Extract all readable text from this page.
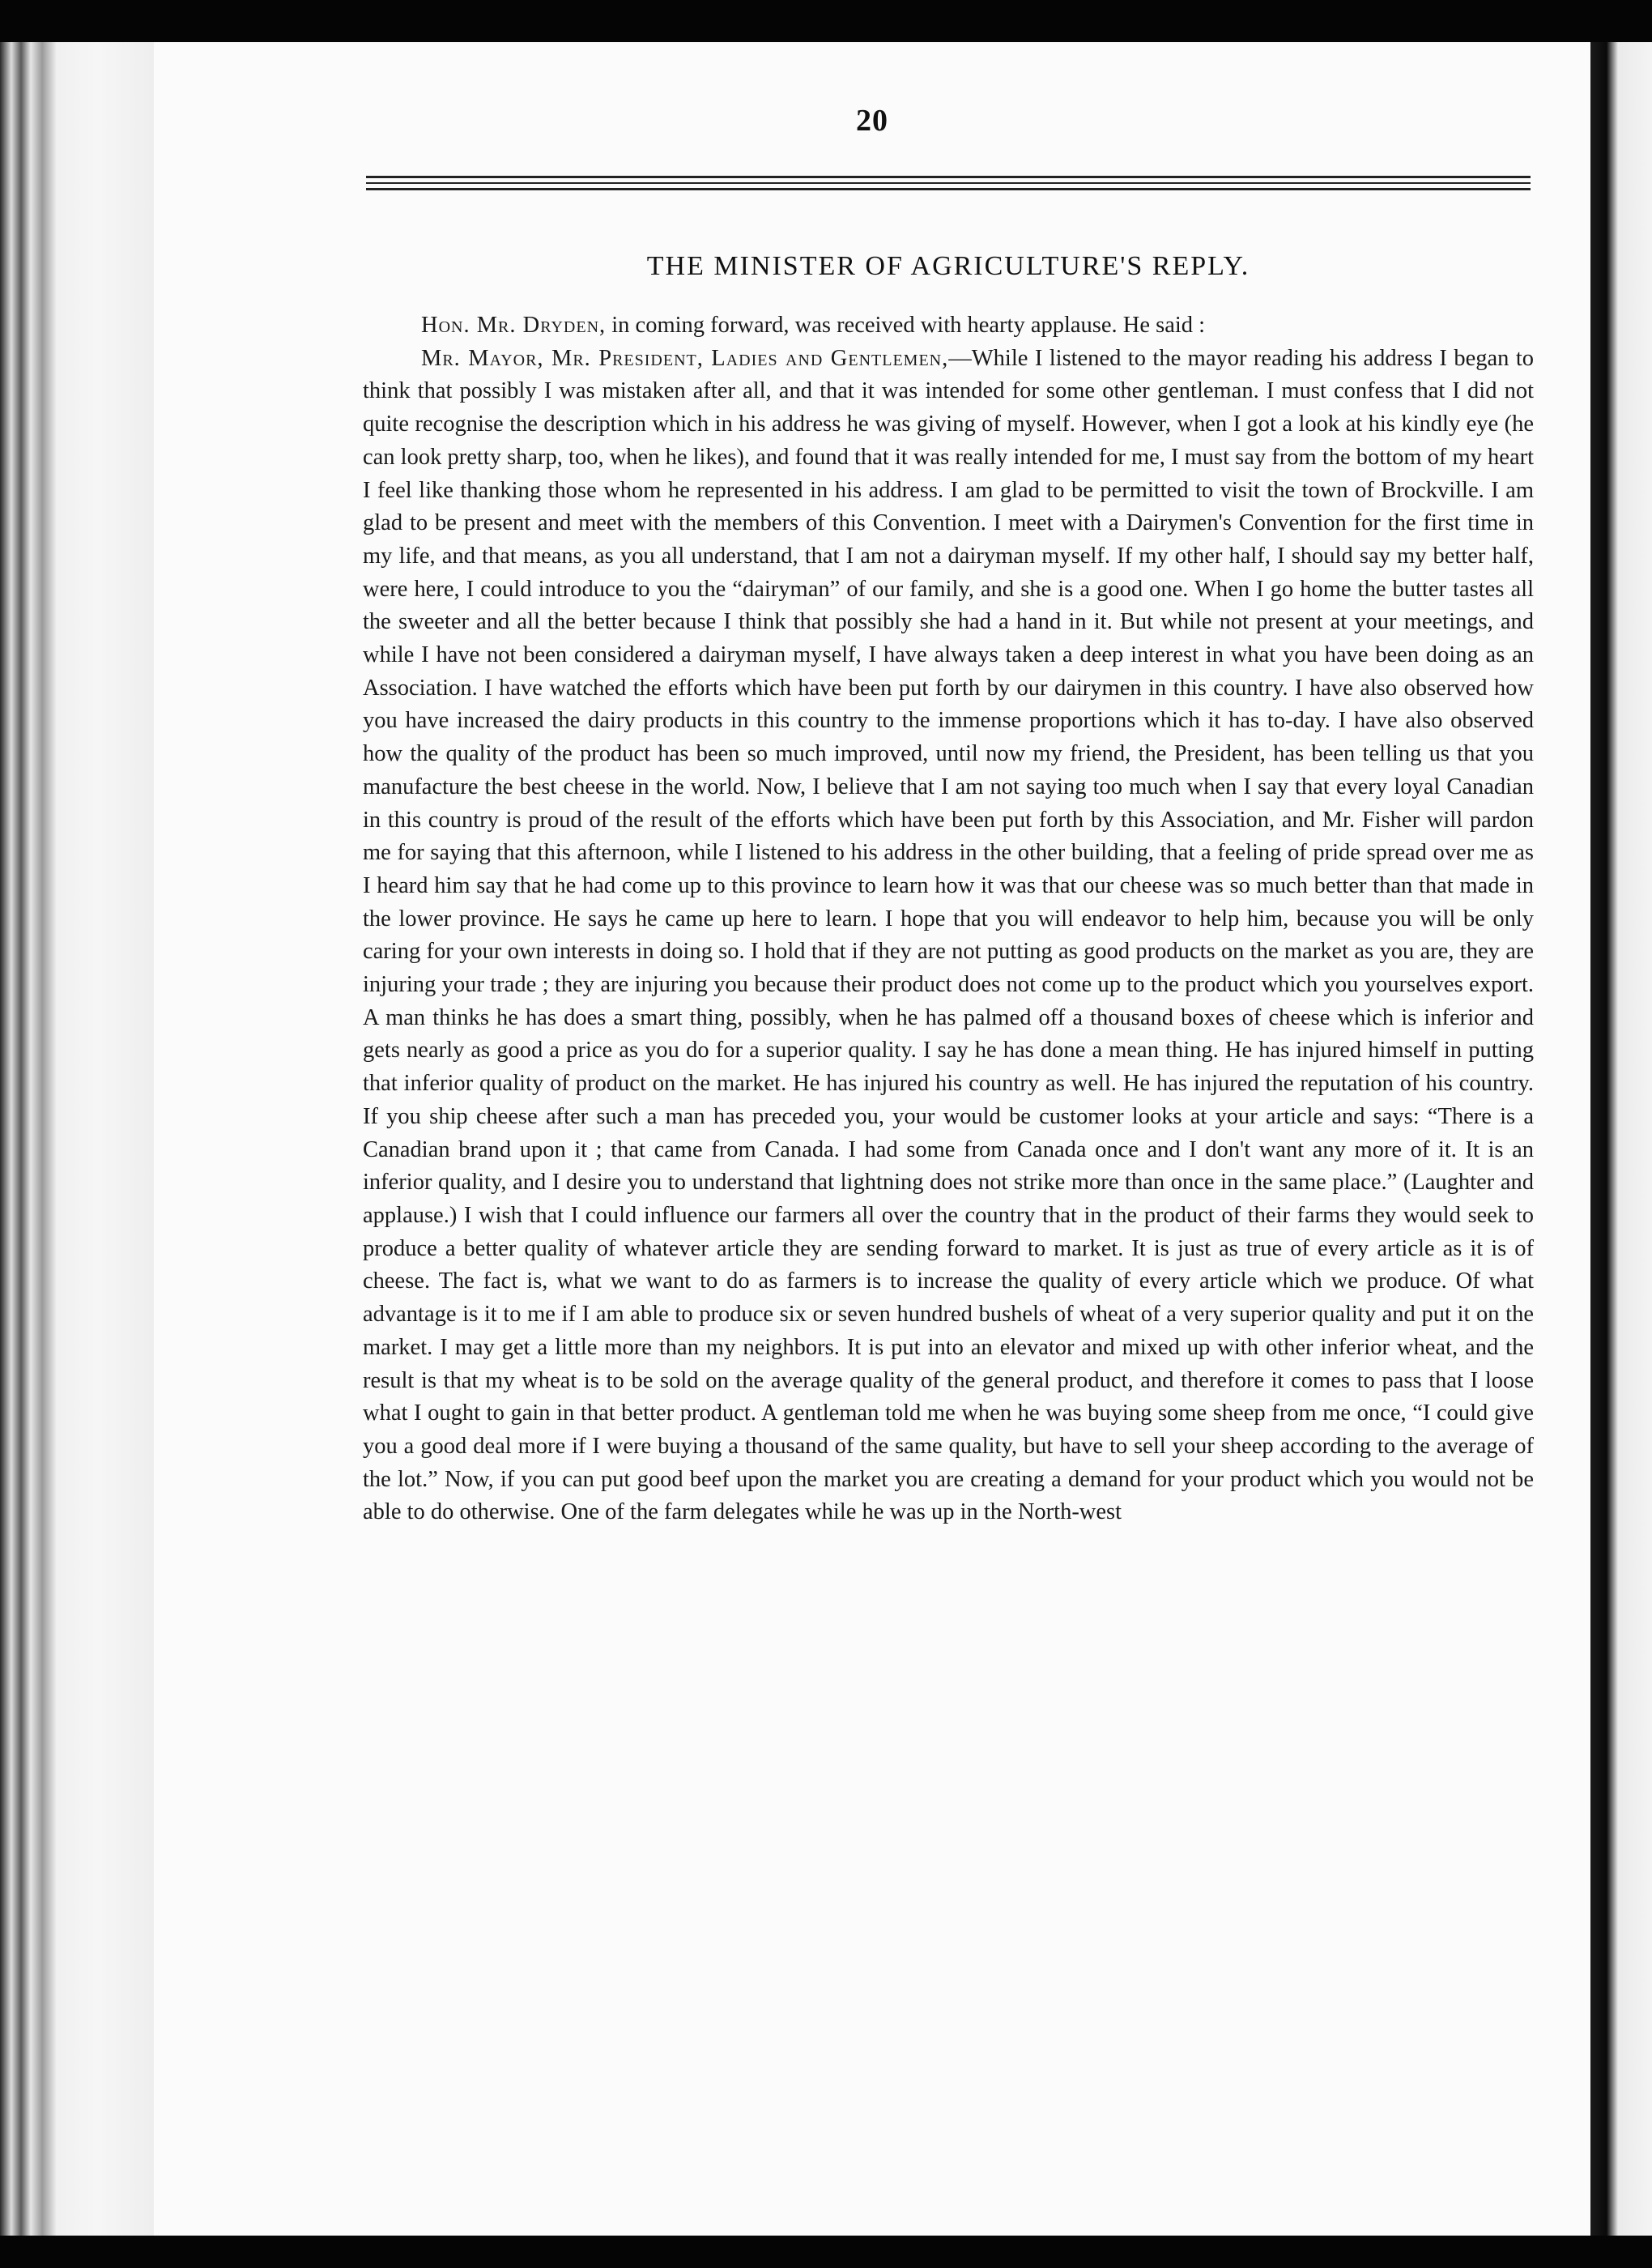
20
THE MINISTER OF AGRICULTURE'S REPLY.

Hon. Mr. Dryden, in coming forward, was received with hearty applause. He said :

Mr. Mayor, Mr. President, Ladies and Gentlemen,—While I listened to the mayor reading his address I began to think that possibly I was mistaken after all, and that it was intended for some other gentleman. I must confess that I did not quite recognise the description which in his address he was giving of myself. However, when I got a look at his kindly eye (he can look pretty sharp, too, when he likes), and found that it was really intended for me, I must say from the bottom of my heart I feel like thanking those whom he represented in his address. I am glad to be permitted to visit the town of Brockville. I am glad to be present and meet with the members of this Convention. I meet with a Dairymen's Convention for the first time in my life, and that means, as you all understand, that I am not a dairyman myself. If my other half, I should say my better half, were here, I could introduce to you the “dairyman” of our family, and she is a good one. When I go home the butter tastes all the sweeter and all the better because I think that possibly she had a hand in it. But while not present at your meetings, and while I have not been considered a dairyman myself, I have always taken a deep interest in what you have been doing as an Association. I have watched the efforts which have been put forth by our dairymen in this country. I have also observed how you have increased the dairy products in this country to the immense proportions which it has to-day. I have also observed how the quality of the product has been so much improved, until now my friend, the President, has been telling us that you manufacture the best cheese in the world. Now, I believe that I am not saying too much when I say that every loyal Canadian in this country is proud of the result of the efforts which have been put forth by this Association, and Mr. Fisher will pardon me for saying that this afternoon, while I listened to his address in the other building, that a feeling of pride spread over me as I heard him say that he had come up to this province to learn how it was that our cheese was so much better than that made in the lower province. He says he came up here to learn. I hope that you will endeavor to help him, because you will be only caring for your own interests in doing so. I hold that if they are not putting as good products on the market as you are, they are injuring your trade ; they are injuring you because their product does not come up to the product which you yourselves export. A man thinks he has does a smart thing, possibly, when he has palmed off a thousand boxes of cheese which is inferior and gets nearly as good a price as you do for a superior quality. I say he has done a mean thing. He has injured himself in putting that inferior quality of product on the market. He has injured his country as well. He has injured the reputation of his country. If you ship cheese after such a man has preceded you, your would be customer looks at your article and says: “There is a Canadian brand upon it ; that came from Canada. I had some from Canada once and I don't want any more of it. It is an inferior quality, and I desire you to understand that lightning does not strike more than once in the same place.” (Laughter and applause.) I wish that I could influence our farmers all over the country that in the product of their farms they would seek to produce a better quality of whatever article they are sending forward to market. It is just as true of every article as it is of cheese. The fact is, what we want to do as farmers is to increase the quality of every article which we produce. Of what advantage is it to me if I am able to produce six or seven hundred bushels of wheat of a very superior quality and put it on the market. I may get a little more than my neighbors. It is put into an elevator and mixed up with other inferior wheat, and the result is that my wheat is to be sold on the average quality of the general product, and therefore it comes to pass that I loose what I ought to gain in that better product. A gentleman told me when he was buying some sheep from me once, “I could give you a good deal more if I were buying a thousand of the same quality, but have to sell your sheep according to the average of the lot.” Now, if you can put good beef upon the market you are creating a demand for your product which you would not be able to do otherwise. One of the farm delegates while he was up in the North-west
